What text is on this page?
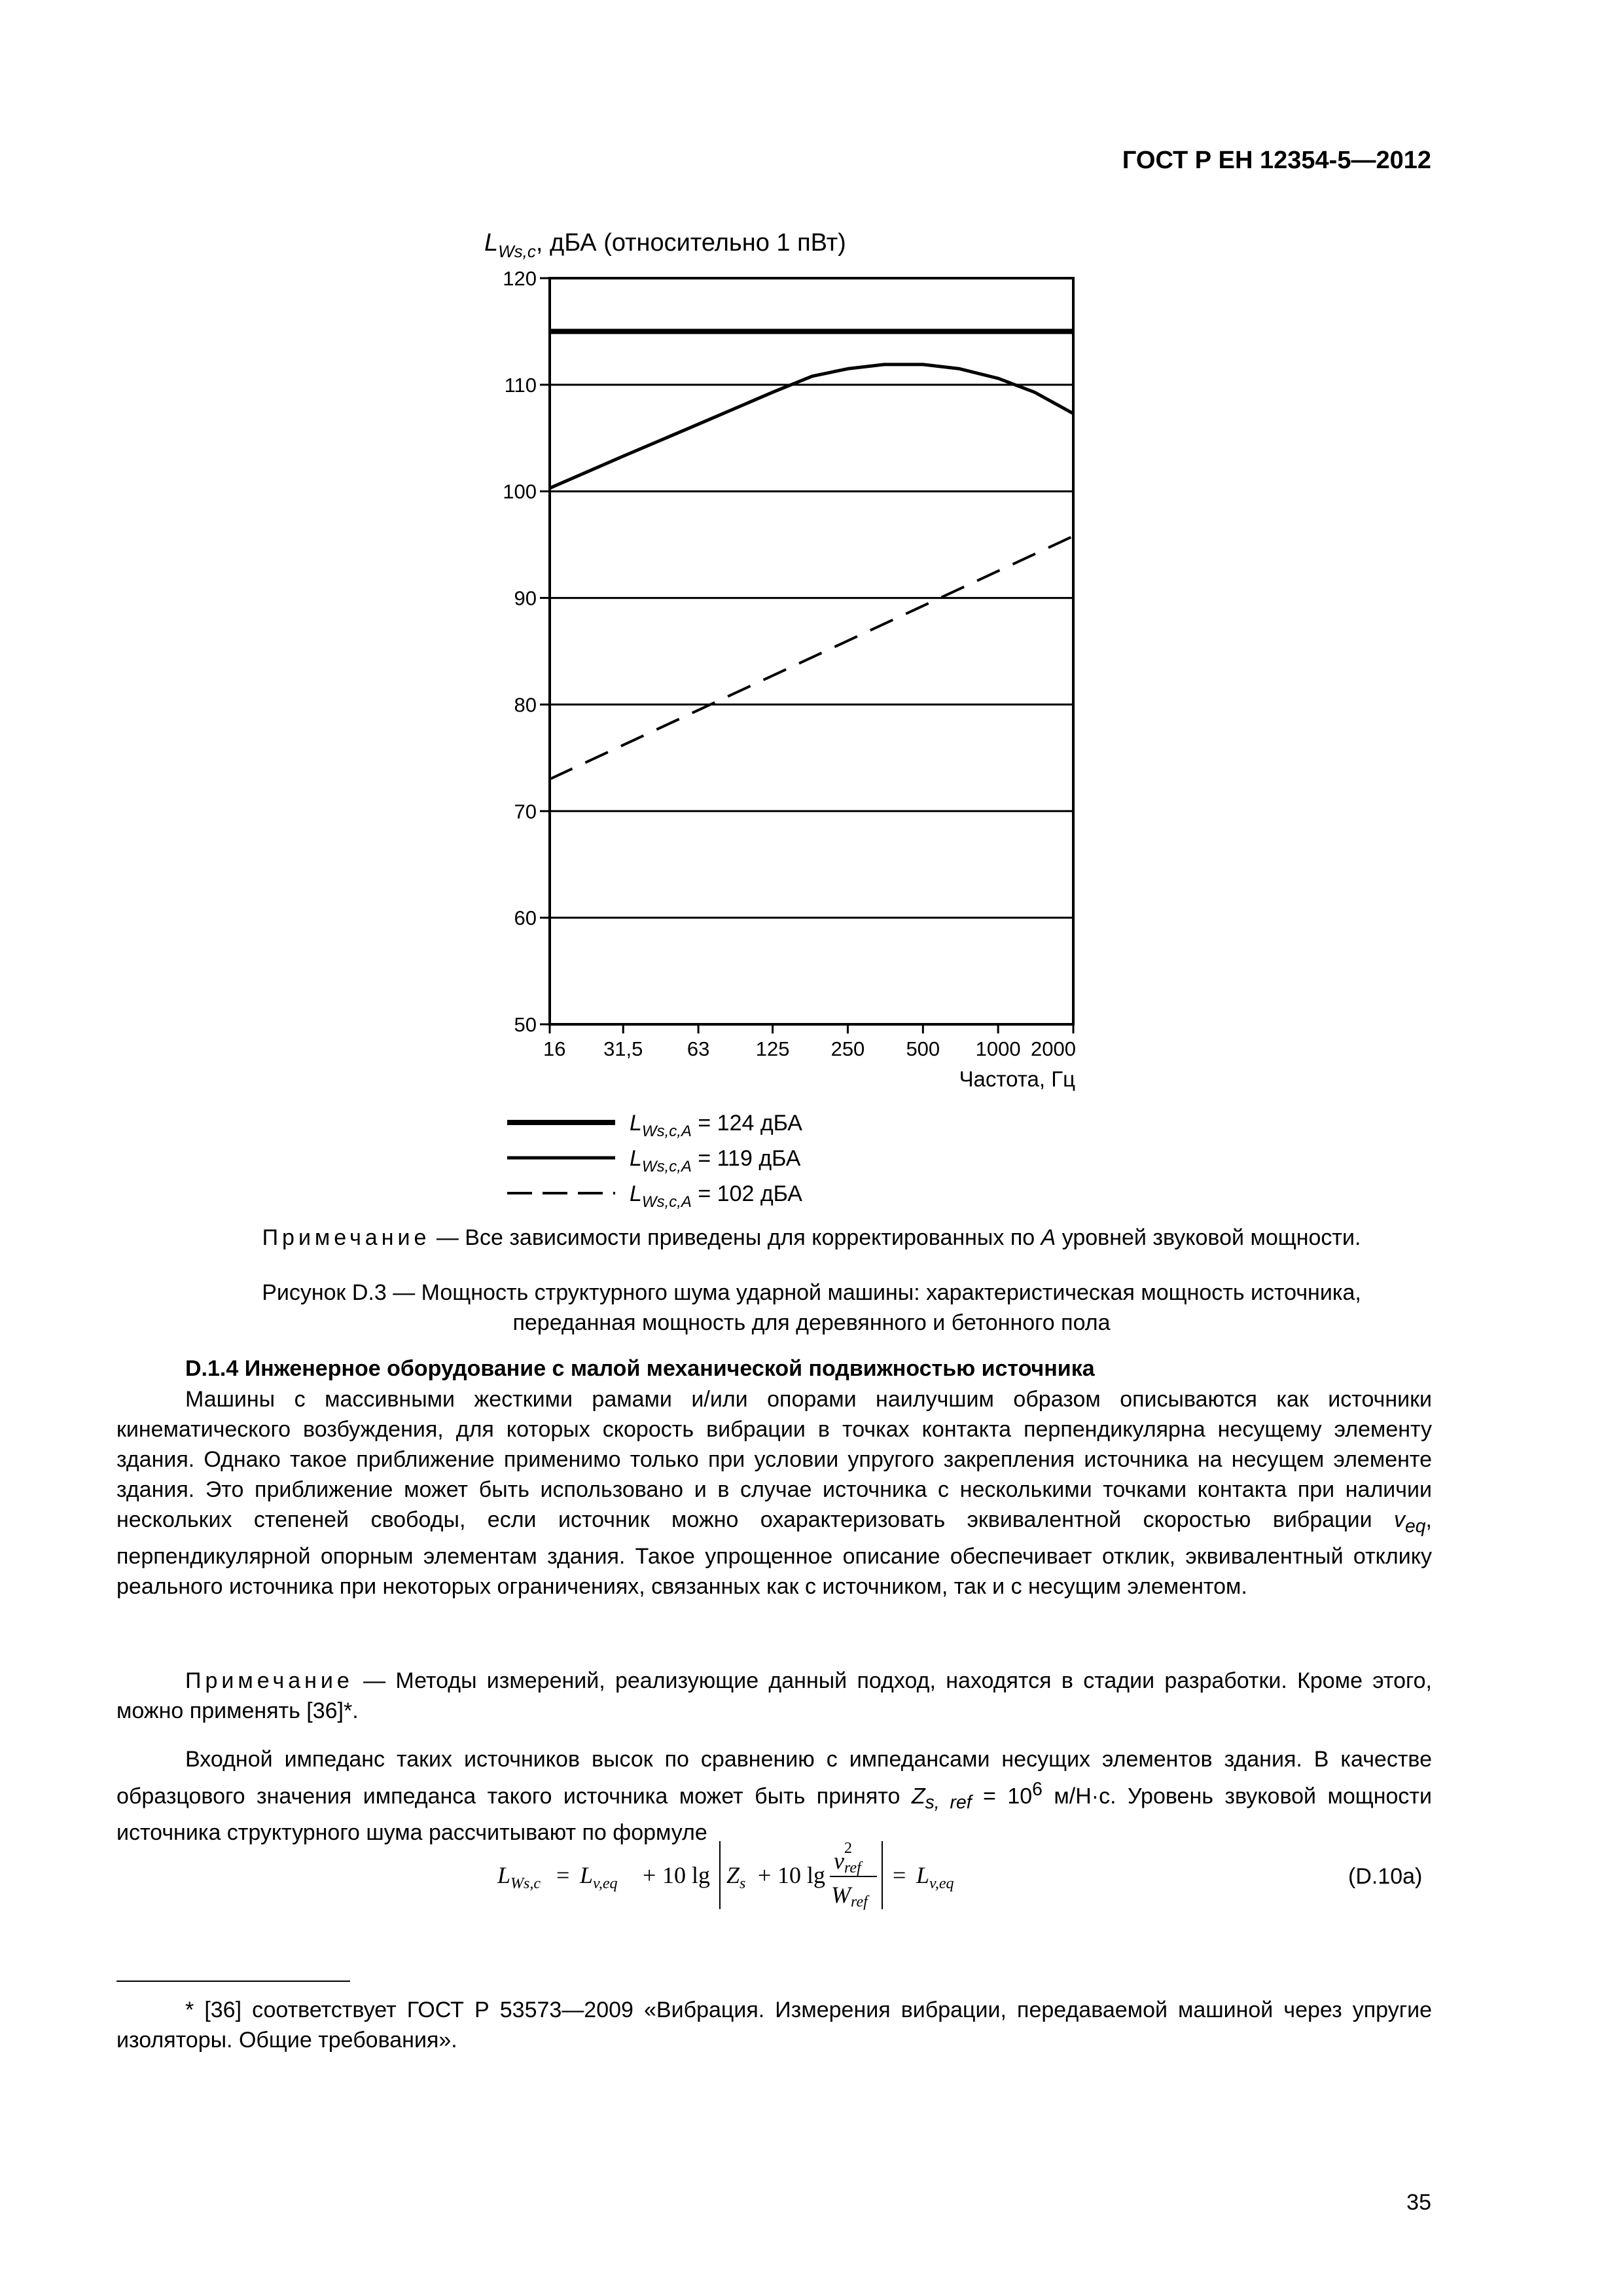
ГОСТ Р ЕН 12354-5—2012

$L_{Ws,c}$, дБА (относительно 1 пВт)
120
110
100
90
80
70
60
50
16 31,5 63 125 250 500 1000 2000
Частота, Гц
$L_{Ws,c,A} = 124$ дБА
$L_{Ws,c,A} = 119$ дБА
$L_{Ws,c,A} = 102$ дБА

Примечание — Все зависимости приведены для корректированных по A уровней звуковой мощности.

Рисунок D.3 — Мощность структурного шума ударной машины: характеристическая мощность источника,

переданная мощность для деревянного и бетонного пола

D.1.4 Инженерное оборудование с малой механической подвижностью источника

Машины с массивными жесткими рамами и/или опорами наилучшим образом описываются как источники кинематического возбуждения, для которых скорость вибрации в точках контакта перпендикулярна несущему элементу здания. Однако такое приближение применимо только при условии упругого закрепления источника на несущем элементе здания. Это приближение может быть использовано и в случае источника с несколькими точками контакта при наличии нескольких степеней свободы, если источник можно охарактеризовать эквивалентной скоростью вибрации $v_{eq}$, перпендикулярной опорным элементам здания. Такое упрощенное описание обеспечивает отклик, эквивалентный отклику реального источника при некоторых ограничениях, связанных как с источником, так и с несущим элементом.

Примечание — Методы измерений, реализующие данный подход, находятся в стадии разработки. Кроме этого, можно применять [36]*.

Входной импеданс таких источников высок по сравнению с импедансами несущих элементов здания. В качестве образцового значения импеданса такого источника может быть принято $Z_{s, ref} = 10^6$ м/Н·с. Уровень звуковой мощности источника структурного шума рассчитывают по формуле

$L_{Ws,c} = L_{v,eq} + 10$ $\lg Z_s + 10$ lg
vref
2
Wref
= $L_{v,eq}$	(D.10a)

* [36] соответствует ГОСТ Р 53573—2009 «Вибрация. Измерения вибрации, передаваемой машиной через упругие изоляторы. Общие требования».

35
